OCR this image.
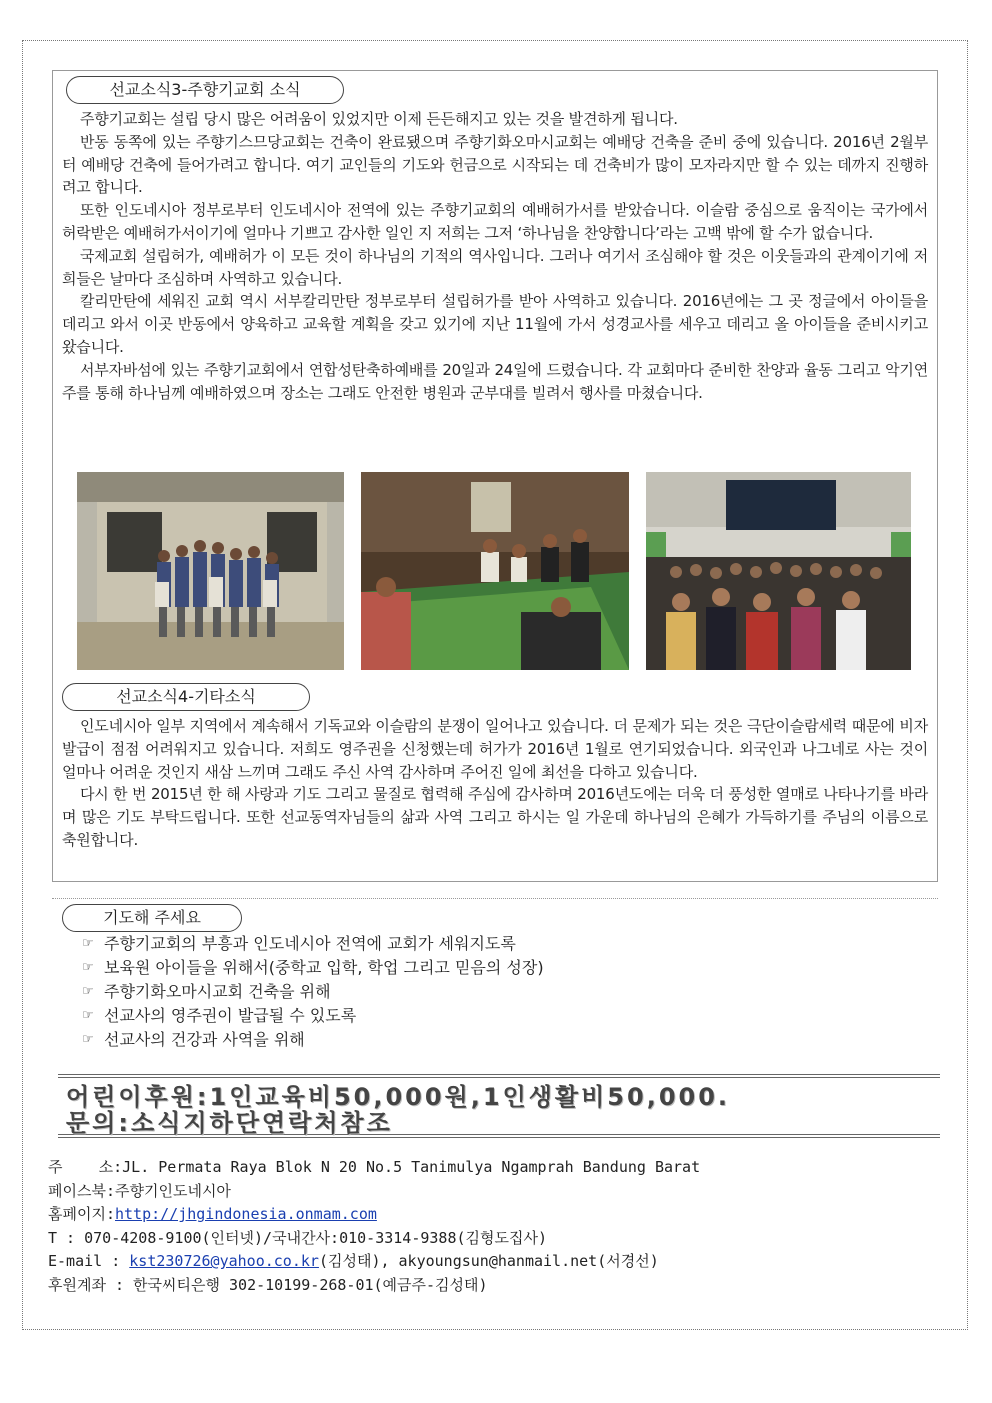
선교소식3-주향기교회 소식

주향기교회는 설립 당시 많은 어려움이 있었지만 이제 든든해지고 있는 것을 발견하게 됩니다.

반동 동쪽에 있는 주향기스므당교회는 건축이 완료됐으며 주향기화오마시교회는 예배당 건축을 준비 중에 있습니다. 2016년 2월부터 예배당 건축에 들어가려고 합니다. 여기 교인들의 기도와 헌금으로 시작되는 데 건축비가 많이 모자라지만 할 수 있는 데까지 진행하려고 합니다.

또한 인도네시아 정부로부터 인도네시아 전역에 있는 주향기교회의 예배허가서를 받았습니다. 이슬람 중심으로 움직이는 국가에서 허락받은 예배허가서이기에 얼마나 기쁘고 감사한 일인 지 저희는 그저 ‘하나님을 찬양합니다’라는 고백 밖에 할 수가 없습니다.

국제교회 설립허가, 예배허가 이 모든 것이 하나님의 기적의 역사입니다. 그러나 여기서 조심해야 할 것은 이웃들과의 관계이기에 저희들은 날마다 조심하며 사역하고 있습니다.

칼리만탄에 세워진 교회 역시 서부칼리만탄 정부로부터 설립허가를 받아 사역하고 있습니다. 2016년에는 그 곳 정글에서 아이들을 데리고 와서 이곳 반동에서 양육하고 교육할 계획을 갖고 있기에 지난 11월에 가서 성경교사를 세우고 데리고 올 아이들을 준비시키고 왔습니다.

서부자바섬에 있는 주향기교회에서 연합성탄축하예배를 20일과 24일에 드렸습니다. 각 교회마다 준비한 찬양과 율동 그리고 악기연주를 통해 하나님께 예배하였으며 장소는 그래도 안전한 병원과 군부대를 빌려서 행사를 마쳤습니다.

선교소식4-기타소식

인도네시아 일부 지역에서 계속해서 기독교와 이슬람의 분쟁이 일어나고 있습니다. 더 문제가 되는 것은 극단이슬람세력 때문에 비자발급이 점점 어려워지고 있습니다. 저희도 영주권을 신청했는데 허가가 2016년 1월로 연기되었습니다. 외국인과 나그네로 사는 것이 얼마나 어려운 것인지 새삼 느끼며 그래도 주신 사역 감사하며 주어진 일에 최선을 다하고 있습니다.

다시 한 번 2015년 한 해 사랑과 기도 그리고 물질로 협력해 주심에 감사하며 2016년도에는 더욱 더 풍성한 열매로 나타나기를 바라며 많은 기도 부탁드립니다. 또한 선교동역자님들의 삶과 사역 그리고 하시는 일 가운데 하나님의 은혜가 가득하기를 주님의 이름으로 축원합니다.

기도해 주세요
☞ 주향기교회의 부흥과 인도네시아 전역에 교회가 세워지도록
☞ 보육원 아이들을 위해서(중학교 입학, 학업 그리고 믿음의 성장)
☞ 주향기화오마시교회 건축을 위해
☞ 선교사의 영주권이 발급될 수 있도록
☞ 선교사의 건강과 사역을 위해
어린이후원:1인교육비50,000원,1인생활비50,000.
문의:소식지하단연락처참조
주    소:JL. Permata Raya Blok N 20 No.5 Tanimulya Ngamprah Bandung Barat
페이스북:주향기인도네시아
홈페이지:http://jhgindonesia.onmam.com
T : 070-4208-9100(인터넷)/국내간사:010-3314-9388(김형도집사)
E-mail : kst230726@yahoo.co.kr(김성태), akyoungsun@hanmail.net(서경선)
후원계좌 : 한국씨티은행 302-10199-268-01(예금주-김성태)
